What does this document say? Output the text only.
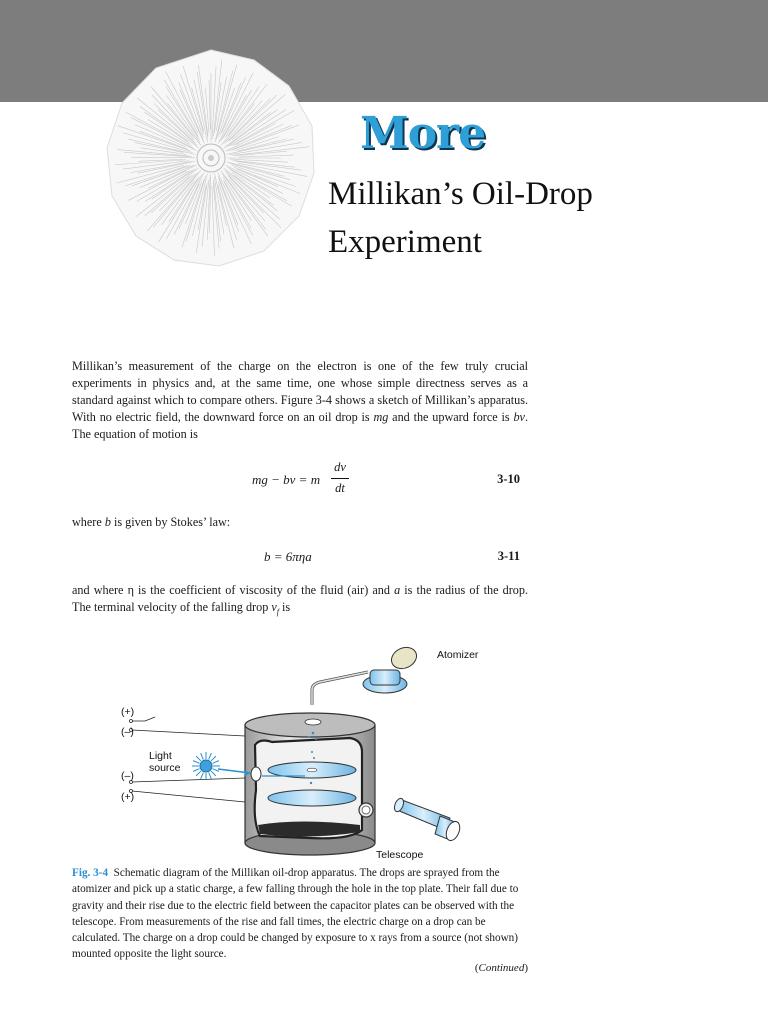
More
Millikan’s Oil-Drop
Experiment

Millikan’s measurement of the charge on the electron is one of the few truly crucial experiments in physics and, at the same time, one whose simple directness serves as a standard against which to compare others. Figure 3-4 shows a sketch of Millikan’s apparatus. With no electric field, the downward force on an oil drop is mg and the upward force is bv. The equation of motion is

mg − bv = m
dv
dt
3-10

where b is given by Stokes’ law:

b = 6πηa	3-11

and where η is the coefficient of viscosity of the fluid (air) and a is the radius of the drop. The terminal velocity of the falling drop $v_f$ is

Atomizer
(+)
(–)
Light
source
(–)
(+)
Telescope

Fig. 3-4 Schematic diagram of the Millikan oil-drop apparatus. The drops are sprayed from the atomizer and pick up a static charge, a few falling through the hole in the top plate. Their fall due to gravity and their rise due to the electric field between the capacitor plates can be observed with the telescope. From measurements of the rise and fall times, the electric charge on a drop can be calculated. The charge on a drop could be changed by exposure to x rays from a source (not shown) mounted opposite the light source.

(Continued)
